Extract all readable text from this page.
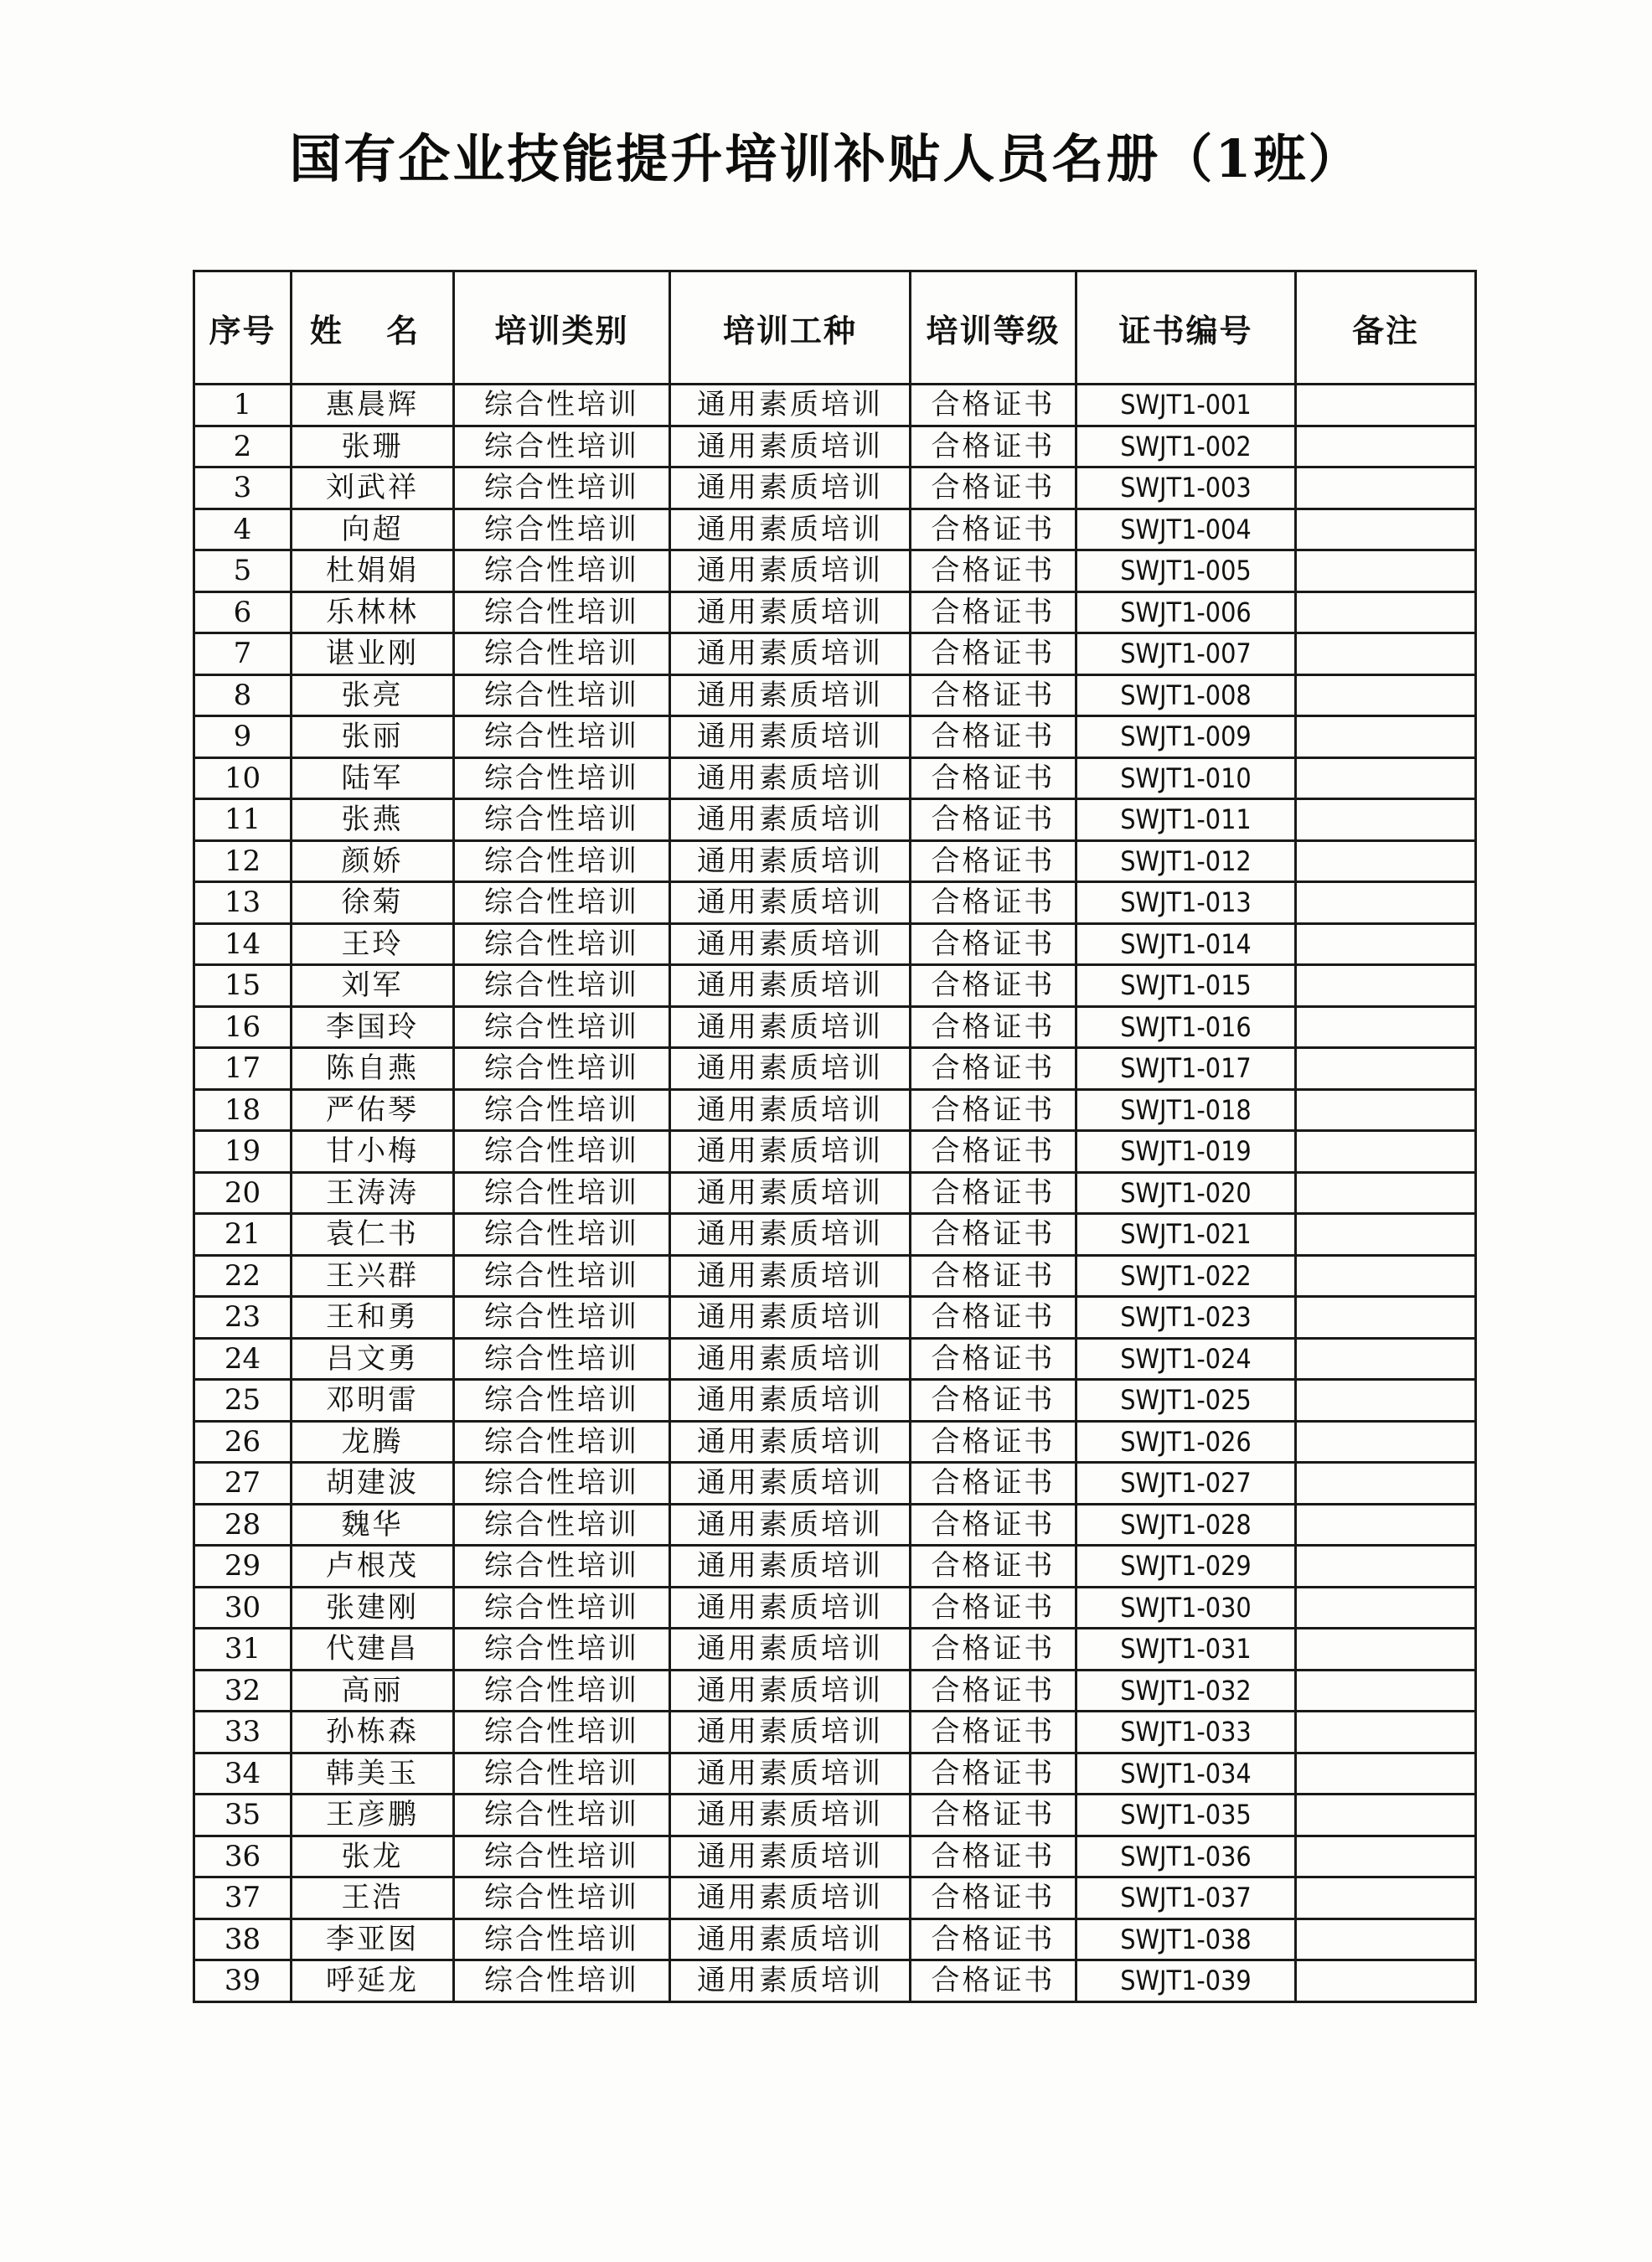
国有企业技能提升培训补贴人员名册（1班）
序号	姓 名	培训类别	培训工种	培训等级	证书编号	备注
1	惠晨辉	综合性培训	通用素质培训	合格证书	SWJT1-001	
2	张珊	综合性培训	通用素质培训	合格证书	SWJT1-002	
3	刘武祥	综合性培训	通用素质培训	合格证书	SWJT1-003	
4	向超	综合性培训	通用素质培训	合格证书	SWJT1-004	
5	杜娟娟	综合性培训	通用素质培训	合格证书	SWJT1-005	
6	乐林林	综合性培训	通用素质培训	合格证书	SWJT1-006	
7	谌业刚	综合性培训	通用素质培训	合格证书	SWJT1-007	
8	张亮	综合性培训	通用素质培训	合格证书	SWJT1-008	
9	张丽	综合性培训	通用素质培训	合格证书	SWJT1-009	
10	陆军	综合性培训	通用素质培训	合格证书	SWJT1-010	
11	张燕	综合性培训	通用素质培训	合格证书	SWJT1-011	
12	颜娇	综合性培训	通用素质培训	合格证书	SWJT1-012	
13	徐菊	综合性培训	通用素质培训	合格证书	SWJT1-013	
14	王玲	综合性培训	通用素质培训	合格证书	SWJT1-014	
15	刘军	综合性培训	通用素质培训	合格证书	SWJT1-015	
16	李国玲	综合性培训	通用素质培训	合格证书	SWJT1-016	
17	陈自燕	综合性培训	通用素质培训	合格证书	SWJT1-017	
18	严佑琴	综合性培训	通用素质培训	合格证书	SWJT1-018	
19	甘小梅	综合性培训	通用素质培训	合格证书	SWJT1-019	
20	王涛涛	综合性培训	通用素质培训	合格证书	SWJT1-020	
21	袁仁书	综合性培训	通用素质培训	合格证书	SWJT1-021	
22	王兴群	综合性培训	通用素质培训	合格证书	SWJT1-022	
23	王和勇	综合性培训	通用素质培训	合格证书	SWJT1-023	
24	吕文勇	综合性培训	通用素质培训	合格证书	SWJT1-024	
25	邓明雷	综合性培训	通用素质培训	合格证书	SWJT1-025	
26	龙腾	综合性培训	通用素质培训	合格证书	SWJT1-026	
27	胡建波	综合性培训	通用素质培训	合格证书	SWJT1-027	
28	魏华	综合性培训	通用素质培训	合格证书	SWJT1-028	
29	卢根茂	综合性培训	通用素质培训	合格证书	SWJT1-029	
30	张建刚	综合性培训	通用素质培训	合格证书	SWJT1-030	
31	代建昌	综合性培训	通用素质培训	合格证书	SWJT1-031	
32	高丽	综合性培训	通用素质培训	合格证书	SWJT1-032	
33	孙栋森	综合性培训	通用素质培训	合格证书	SWJT1-033	
34	韩美玉	综合性培训	通用素质培训	合格证书	SWJT1-034	
35	王彦鹏	综合性培训	通用素质培训	合格证书	SWJT1-035	
36	张龙	综合性培训	通用素质培训	合格证书	SWJT1-036	
37	王浩	综合性培训	通用素质培训	合格证书	SWJT1-037	
38	李亚囡	综合性培训	通用素质培训	合格证书	SWJT1-038	
39	呼延龙	综合性培训	通用素质培训	合格证书	SWJT1-039	
